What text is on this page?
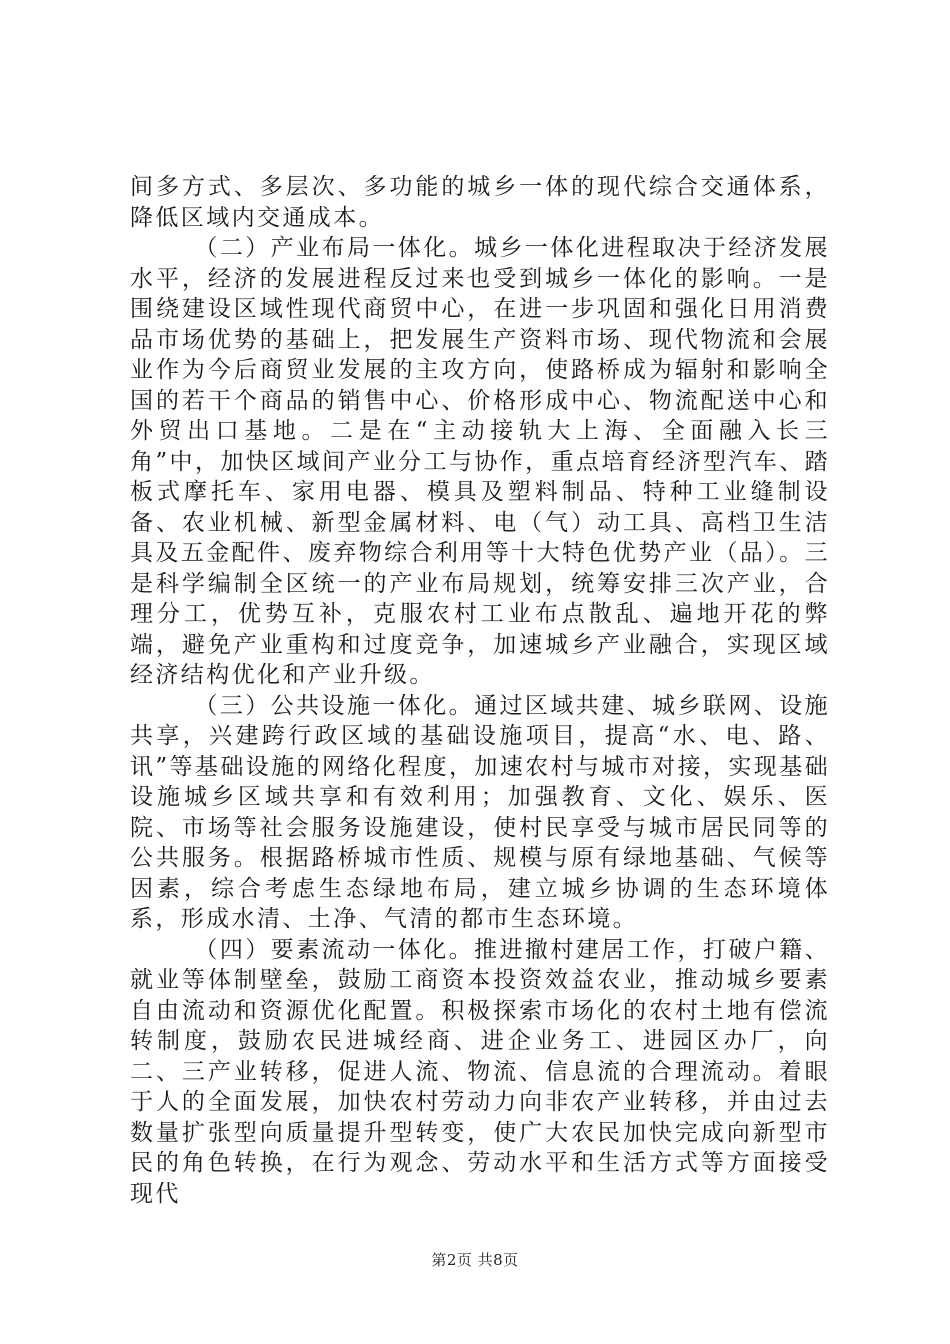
间多方式、多层次、多功能的城乡一体的现代综合交通体系，降低区域内交通成本。

（二）产业布局一体化。城乡一体化进程取决于经济发展水平，经济的发展进程反过来也受到城乡一体化的影响。一是围绕建设区域性现代商贸中心，在进一步巩固和强化日用消费品市场优势的基础上，把发展生产资料市场、现代物流和会展业作为今后商贸业发展的主攻方向，使路桥成为辐射和影响全国的若干个商品的销售中心、价格形成中心、物流配送中心和外贸出口基地。二是在“主动接轨大上海、全面融入长三角”中，加快区域间产业分工与协作，重点培育经济型汽车、踏板式摩托车、家用电器、模具及塑料制品、特种工业缝制设备、农业机械、新型金属材料、电（气）动工具、高档卫生洁具及五金配件、废弃物综合利用等十大特色优势产业（品）。三是科学编制全区统一的产业布局规划，统筹安排三次产业，合理分工，优势互补，克服农村工业布点散乱、遍地开花的弊端，避免产业重构和过度竞争，加速城乡产业融合，实现区域经济结构优化和产业升级。

（三）公共设施一体化。通过区域共建、城乡联网、设施共享，兴建跨行政区域的基础设施项目，提高“水、电、路、讯”等基础设施的网络化程度，加速农村与城市对接，实现基础设施城乡区域共享和有效利用；加强教育、文化、娱乐、医院、市场等社会服务设施建设，使村民享受与城市居民同等的公共服务。根据路桥城市性质、规模与原有绿地基础、气候等因素，综合考虑生态绿地布局，建立城乡协调的生态环境体系，形成水清、土净、气清的都市生态环境。

（四）要素流动一体化。推进撤村建居工作，打破户籍、就业等体制壁垒，鼓励工商资本投资效益农业，推动城乡要素自由流动和资源优化配置。积极探索市场化的农村土地有偿流转制度，鼓励农民进城经商、进企业务工、进园区办厂，向二、三产业转移，促进人流、物流、信息流的合理流动。着眼于人的全面发展，加快农村劳动力向非农产业转移，并由过去数量扩张型向质量提升型转变，使广大农民加快完成向新型市民的角色转换，在行为观念、劳动水平和生活方式等方面接受现代

第2页 共8页
